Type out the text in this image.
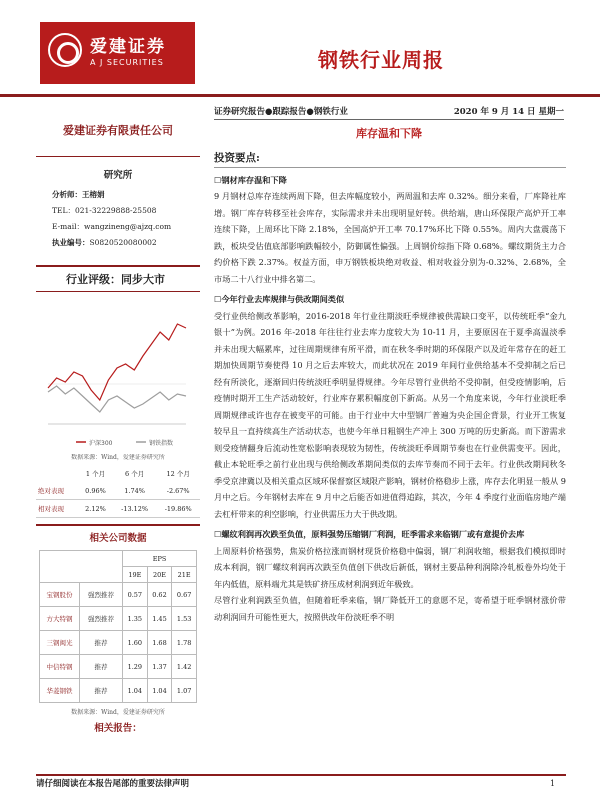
爱建证券
A J SECURITIES	钢铁行业周报
证券研究报告●跟踪报告●钢铁行业	2020 年 9 月 14 日 星期一
库存温和下降
爱建证券有限责任公司
研究所
分析师：王榕娟
TEL：021-32229888-25508
E-mail：wangzineng@ajzq.com
执业编号：S0820520080002
行业评级：同步大市
沪深300	钢铁指数
数据来源：Wind，爱建证券研究所
	1 个月	6 个月	12 个月
绝对表现	0.96%	1.74%	-2.67%
相对表现	2.12%	-13.12%	-19.86%
相关公司数据
		EPS		
		19E	20E	21E
宝钢股份	强烈推荐	0.57	0.62	0.67
方大特钢	强烈推荐	1.35	1.45	1.53
三钢闽光	推荐	1.60	1.68	1.78
中信特钢	推荐	1.29	1.37	1.42
华菱钢铁	推荐	1.04	1.04	1.07
数据来源：Wind，爱建证券研究所
相关报告：
投资要点:
☐ 钢材库存温和下降

9 月钢材总库存连续两周下降，但去库幅度较小，两周温和去库 0.32%。细分来看，厂库降社库增。钢厂库存转移至社会库存，实际需求并未出现明显好转。供给端，唐山环保限产高炉开工率连续下降，上周环比下降 2.18%，全国高炉开工率 70.17%环比下降 0.55%。周内大盘震荡下跌，板块受估值底部影响跌幅较小，防御属性偏强。上周钢价综指下降 0.68%。螺纹期货主力合约价格下跌 2.37%。权益方面，申万钢铁板块绝对收益、相对收益分别为-0.32%、2.68%，全市场二十八行业中排名第二。

☐ 今年行业去库规律与供改期间类似

受行业供给侧改革影响，2016-2018 年行业往期淡旺季规律被供需缺口变平，以传统旺季“金九银十”为例。2016 年-2018 年往往行业去库力度较大为 10-11 月，主要原因在于夏季高温淡季并未出现大幅累库，过往周期规律有所平滑，而在秋冬季时期的环保限产以及近年常存在的赶工期加快周期节奏使得 10 月之后去库较大，而此状况在 2019 年间行业供给基本不受抑制之后已经有所淡化，逐渐回归传统淡旺季明显得规律。今年尽管行业供给不受抑制，但受疫情影响，后疫情时期开工生产活动较好，行业库存累积幅度创下新高。从另一个角度来说，今年行业淡旺季周期规律或许也存在被变平的可能。由于行业中大中型钢厂普遍为央企国企背景，行业开工恢复较早且一直持续高生产活动状态，也使今年单日粗钢生产冲上 300 万吨的历史新高。而下游需求则受疫情翻身后流动性宽松影响表现较为韧性，传统淡旺季周期节奏也在行业供需变平。因此，截止本轮旺季之前行业出现与供给侧改革期间类似的去库节奏而不同于去年。行业供改期间秋冬季受京津冀以及相关重点区域环保督察区域限产影响，钢材价格稳步上涨，库存去化明显一般从 9 月中之后。今年钢材去库在 9 月中之后能否如进值得追踪，其次，今年 4 季度行业面临房地产端去杠杆带来的利空影响，行业供需压力大于供改期。

☐ 螺纹利润再次跌至负值，原料强势压缩钢厂利润，旺季需求来临钢厂或有意提价去库

上周原料价格强势，焦炭价格拉涨而钢材现货价格稳中偏弱，钢厂利润收缩，根据我们模拟即时成本利润，钢厂螺纹利润再次跌至负值创下供改后新低，钢材主要品种利润除冷轧板卷外均处于年内低值，原料端尤其是铁矿挤压成材利润到近年极致。

尽管行业利润跌至负值，但随着旺季来临，钢厂降低开工的意愿不足，寄希望于旺季钢材涨价带动利润回升可能性更大，按照供改年份淡旺季不明

请仔细阅读在本报告尾部的重要法律声明	1
